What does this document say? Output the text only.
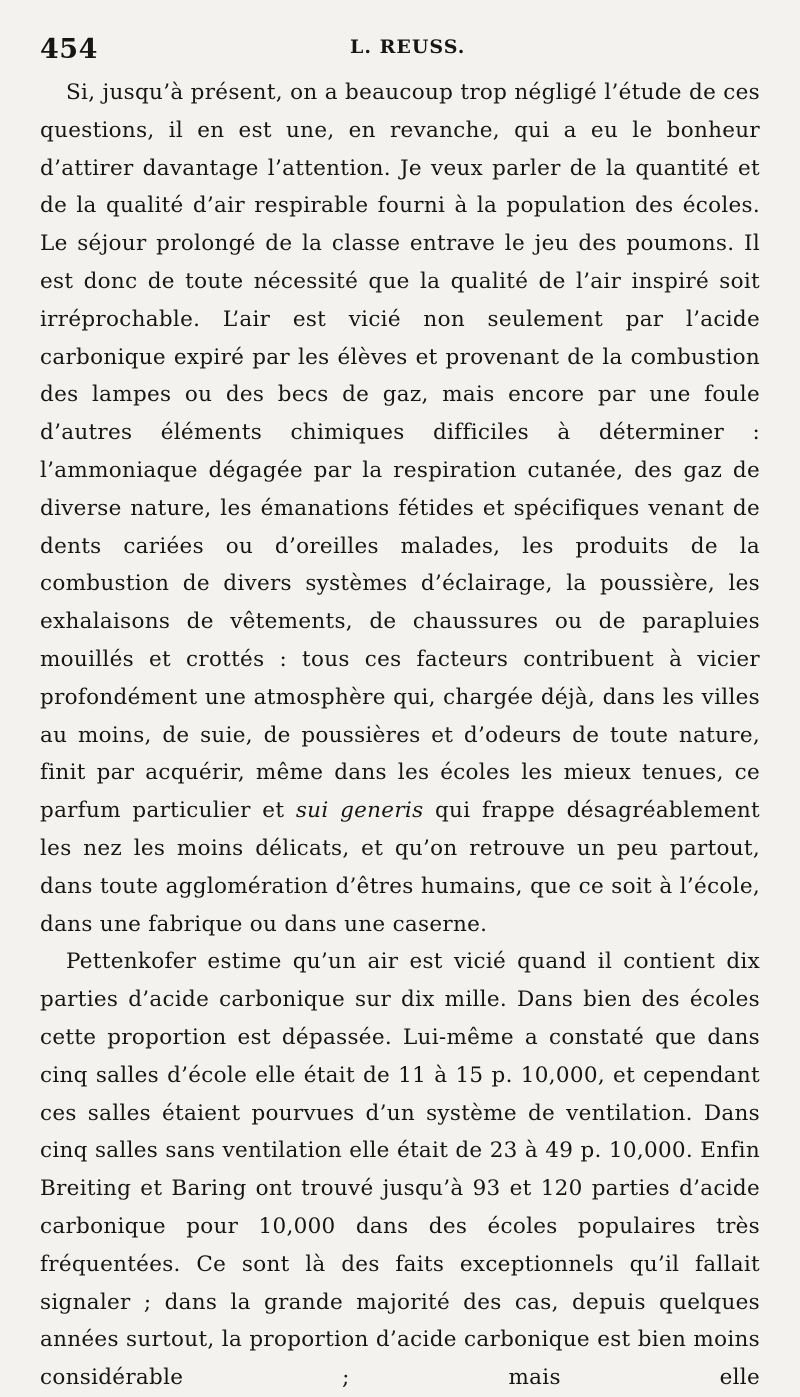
454	L. REUSS.

Si, jusqu’à présent, on a beaucoup trop négligé l’étude de ces questions, il en est une, en revanche, qui a eu le bonheur d’attirer davantage l’attention. Je veux parler de la quantité et de la qualité d’air respirable fourni à la population des écoles. Le séjour prolongé de la classe entrave le jeu des poumons. Il est donc de toute nécessité que la qualité de l’air inspiré soit irréprochable. L’air est vicié non seulement par l’acide carbonique expiré par les élèves et provenant de la combustion des lampes ou des becs de gaz, mais encore par une foule d’autres éléments chimiques difficiles à déterminer : l’ammoniaque dégagée par la respiration cutanée, des gaz de diverse nature, les émanations fétides et spécifiques venant de dents cariées ou d’oreilles malades, les produits de la combustion de divers systèmes d’éclairage, la poussière, les exhalaisons de vêtements, de chaussures ou de parapluies mouillés et crottés : tous ces facteurs contribuent à vicier profondément une atmosphère qui, chargée déjà, dans les villes au moins, de suie, de poussières et d’odeurs de toute nature, finit par acquérir, même dans les écoles les mieux tenues, ce parfum particulier et sui generis qui frappe désagréablement les nez les moins délicats, et qu’on retrouve un peu partout, dans toute agglomération d’êtres humains, que ce soit à l’école, dans une fabrique ou dans une caserne.

Pettenkofer estime qu’un air est vicié quand il contient dix parties d’acide carbonique sur dix mille. Dans bien des écoles cette proportion est dépassée. Lui-même a constaté que dans cinq salles d’école elle était de 11 à 15 p. 10,000, et cependant ces salles étaient pourvues d’un système de ventilation. Dans cinq salles sans ventilation elle était de 23 à 49 p. 10,000. Enfin Breiting et Baring ont trouvé jusqu’à 93 et 120 parties d’acide carbonique pour 10,000 dans des écoles populaires très fréquentées. Ce sont là des faits exceptionnels qu’il fallait signaler ; dans la grande majorité des cas, depuis quelques années surtout, la proportion d’acide carbonique est bien moins considérable ; mais elle
